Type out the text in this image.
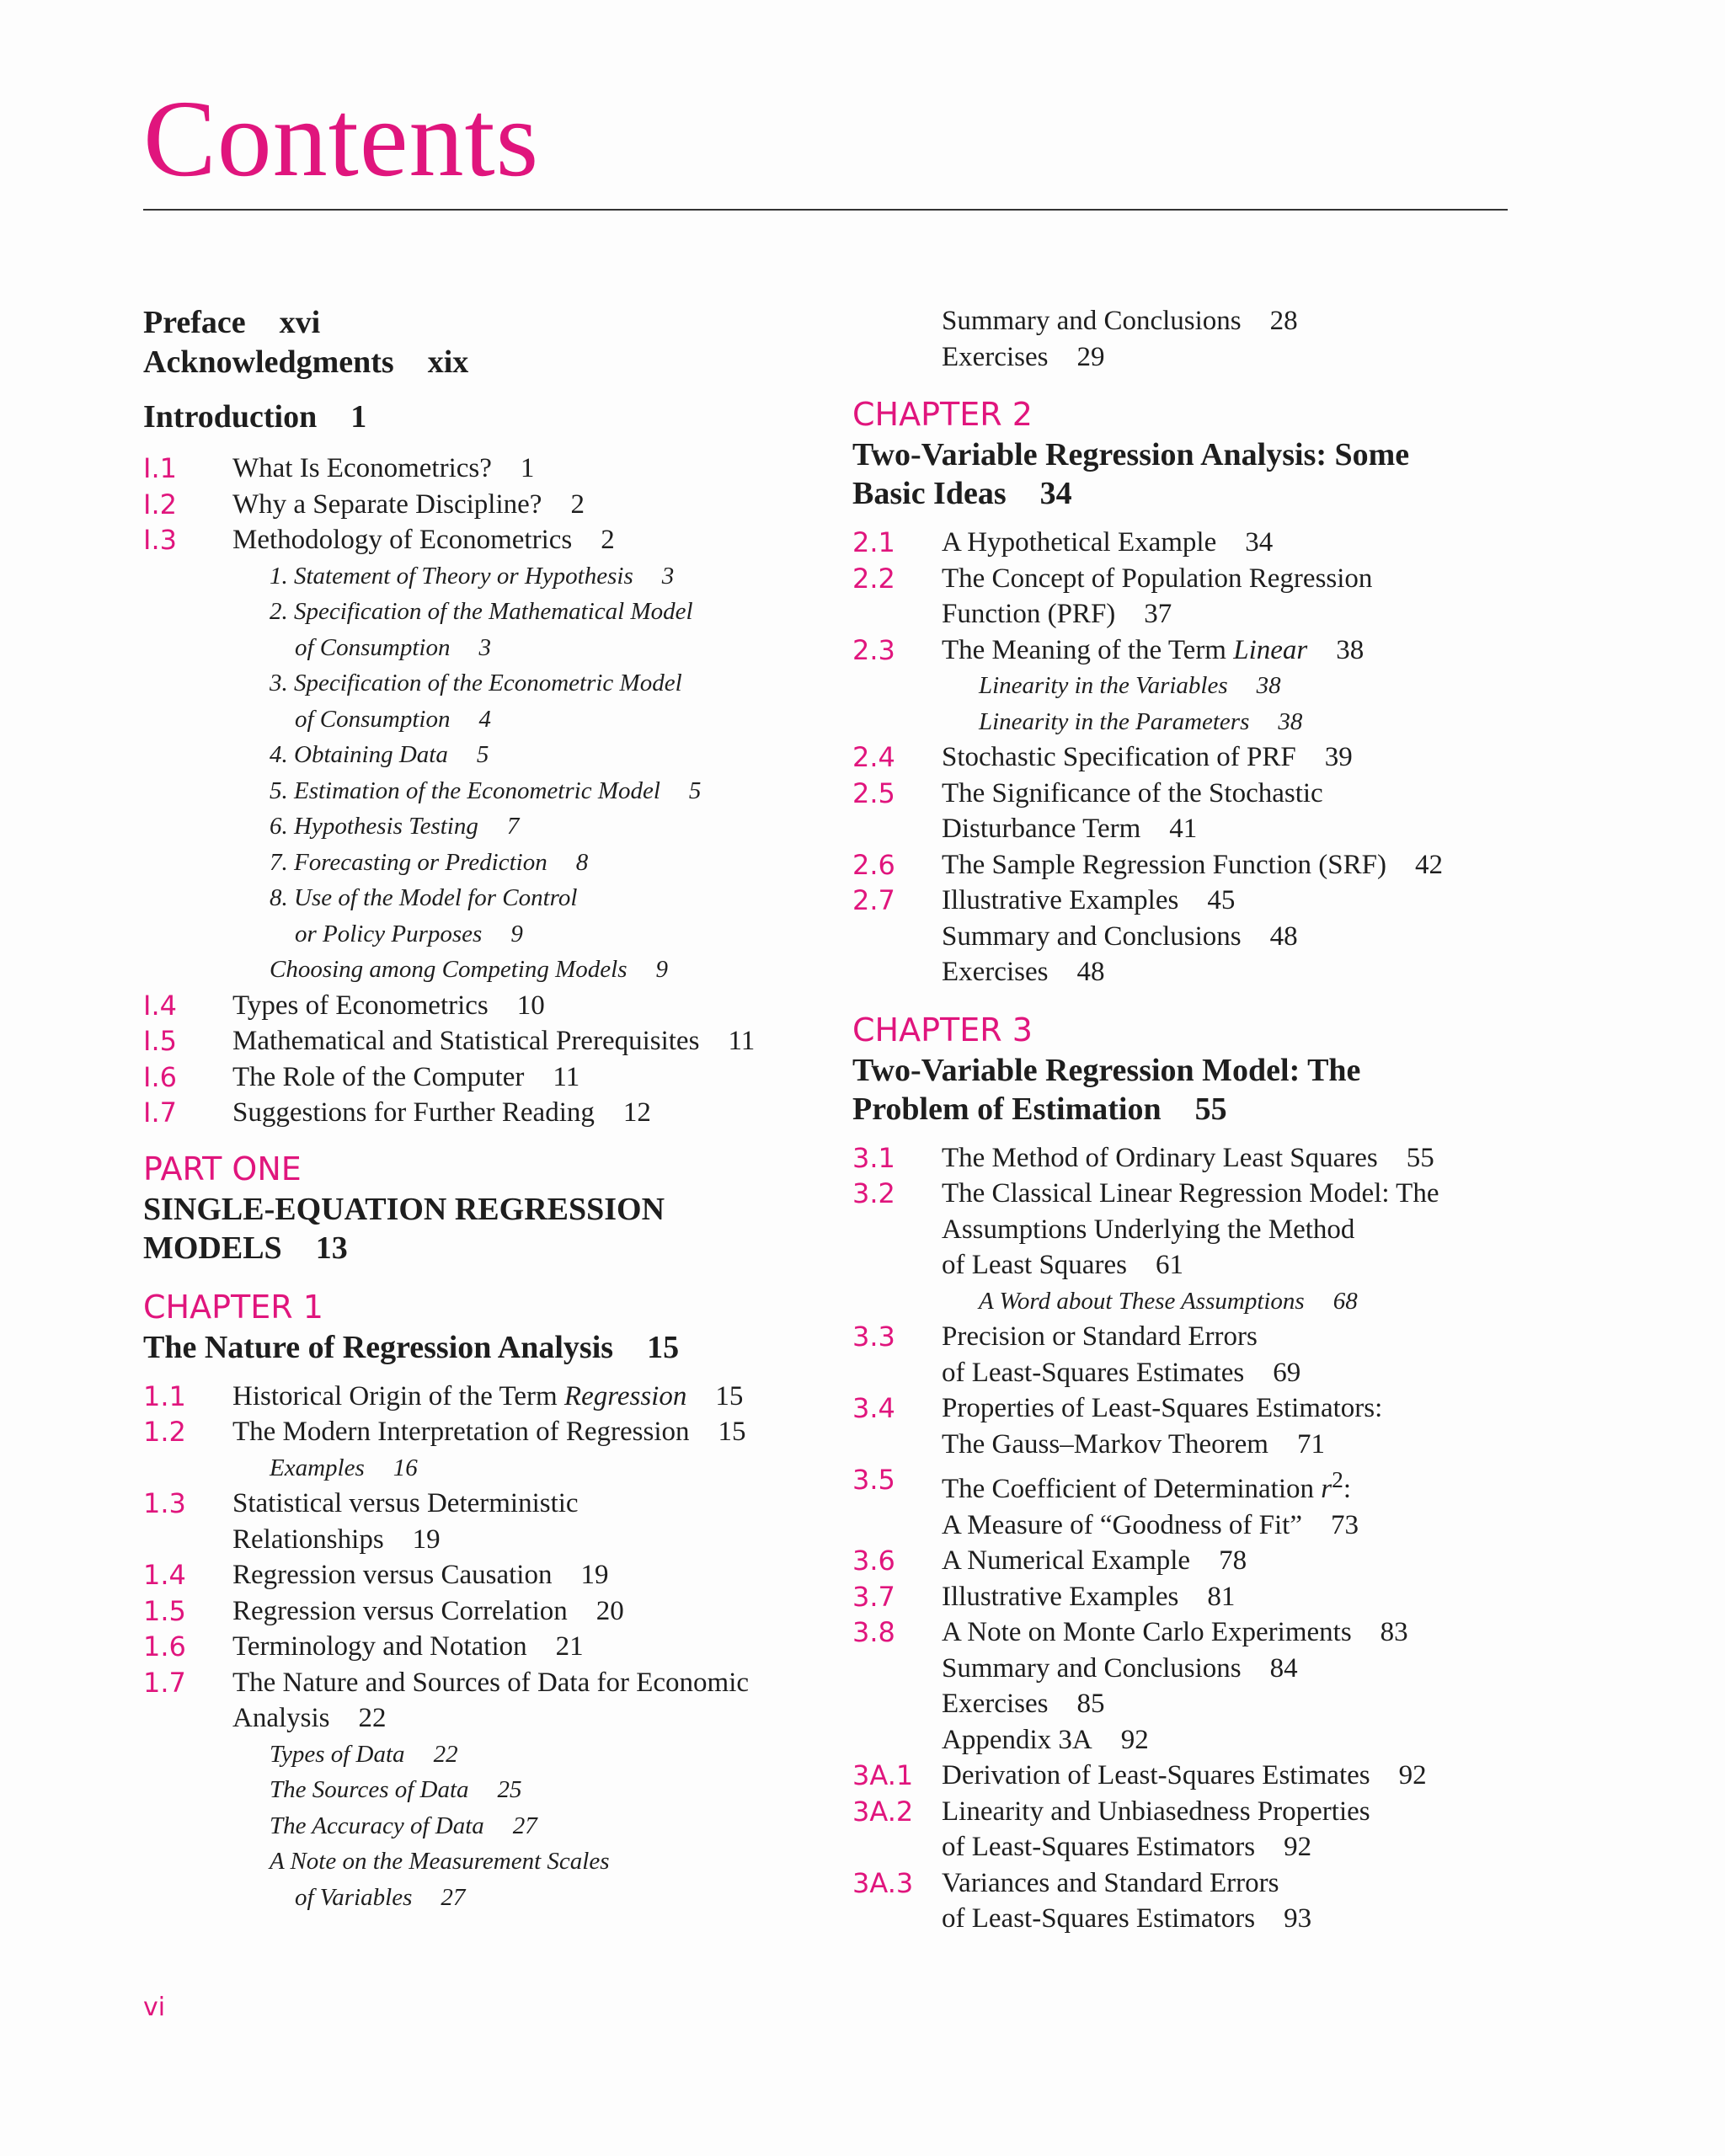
Contents
Preface xvi
Acknowledgments xix
Introduction 1
I.1	What Is Econometrics? 1
I.2	Why a Separate Discipline? 2
I.3	Methodology of Econometrics 2
1. Statement of Theory or Hypothesis 3
2. Specification of the Mathematical Model
of Consumption 3
3. Specification of the Econometric Model
of Consumption 4
4. Obtaining Data 5
5. Estimation of the Econometric Model 5
6. Hypothesis Testing 7
7. Forecasting or Prediction 8
8. Use of the Model for Control
or Policy Purposes 9
Choosing among Competing Models 9
I.4	Types of Econometrics 10
I.5	Mathematical and Statistical Prerequisites 11
I.6	The Role of the Computer 11
I.7	Suggestions for Further Reading 12
PART ONE
SINGLE-EQUATION REGRESSION
MODELS 13
CHAPTER 1
The Nature of Regression Analysis 15
1.1	Historical Origin of the Term Regression 15
1.2	The Modern Interpretation of Regression 15
Examples 16
1.3	Statistical versus Deterministic
Relationships 19
1.4	Regression versus Causation 19
1.5	Regression versus Correlation 20
1.6	Terminology and Notation 21
1.7	The Nature and Sources of Data for Economic
Analysis 22
Types of Data 22
The Sources of Data 25
The Accuracy of Data 27
A Note on the Measurement Scales
of Variables 27
Summary and Conclusions 28
Exercises 29
CHAPTER 2
Two-Variable Regression Analysis: Some
Basic Ideas 34
2.1	A Hypothetical Example 34
2.2	The Concept of Population Regression
Function (PRF) 37
2.3	The Meaning of the Term Linear 38
Linearity in the Variables 38
Linearity in the Parameters 38
2.4	Stochastic Specification of PRF 39
2.5	The Significance of the Stochastic
Disturbance Term 41
2.6	The Sample Regression Function (SRF) 42
2.7	Illustrative Examples 45
Summary and Conclusions 48
Exercises 48
CHAPTER 3
Two-Variable Regression Model: The
Problem of Estimation 55
3.1	The Method of Ordinary Least Squares 55
3.2	The Classical Linear Regression Model: The
Assumptions Underlying the Method
of Least Squares 61
A Word about These Assumptions 68
3.3	Precision or Standard Errors
of Least-Squares Estimates 69
3.4	Properties of Least-Squares Estimators:
The Gauss–Markov Theorem 71
3.5	The Coefficient of Determination $r^2$:
A Measure of “Goodness of Fit” 73
3.6	A Numerical Example 78
3.7	Illustrative Examples 81
3.8	A Note on Monte Carlo Experiments 83
Summary and Conclusions 84
Exercises 85
Appendix 3A 92
3A.1	Derivation of Least-Squares Estimates 92
3A.2	Linearity and Unbiasedness Properties
of Least-Squares Estimators 92
3A.3	Variances and Standard Errors
of Least-Squares Estimators 93
vi
